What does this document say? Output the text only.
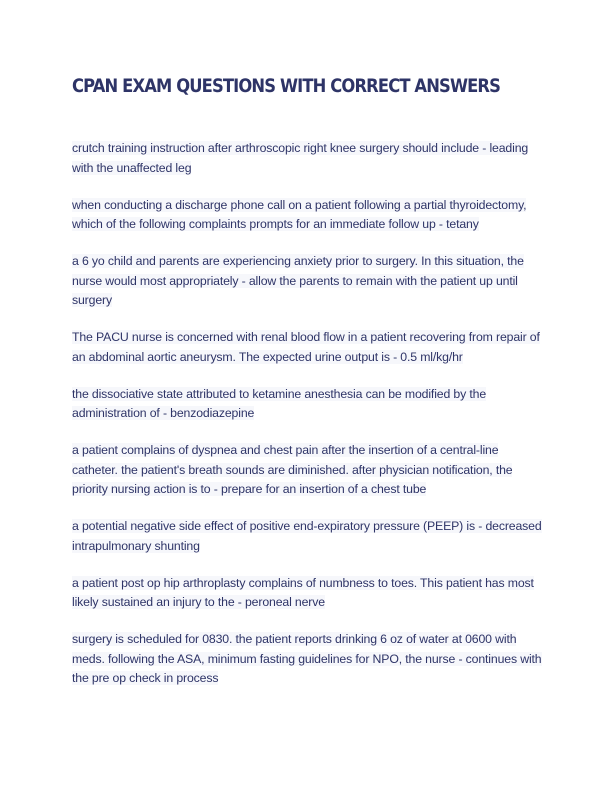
CPAN EXAM QUESTIONS WITH CORRECT ANSWERS

crutch training instruction after arthroscopic right knee surgery should include - leading with the unaffected leg

when conducting a discharge phone call on a patient following a partial thyroidectomy, which of the following complaints prompts for an immediate follow up - tetany

a 6 yo child and parents are experiencing anxiety prior to surgery. In this situation, the nurse would most appropriately - allow the parents to remain with the patient up until surgery

The PACU nurse is concerned with renal blood flow in a patient recovering from repair of an abdominal aortic aneurysm. The expected urine output is - 0.5 ml/kg/hr

the dissociative state attributed to ketamine anesthesia can be modified by the administration of - benzodiazepine

a patient complains of dyspnea and chest pain after the insertion of a central-line catheter. the patient's breath sounds are diminished. after physician notification, the priority nursing action is to - prepare for an insertion of a chest tube

a potential negative side effect of positive end-expiratory pressure (PEEP) is - decreased intrapulmonary shunting

a patient post op hip arthroplasty complains of numbness to toes. This patient has most likely sustained an injury to the - peroneal nerve

surgery is scheduled for 0830. the patient reports drinking 6 oz of water at 0600 with meds. following the ASA, minimum fasting guidelines for NPO, the nurse - continues with the pre op check in process
